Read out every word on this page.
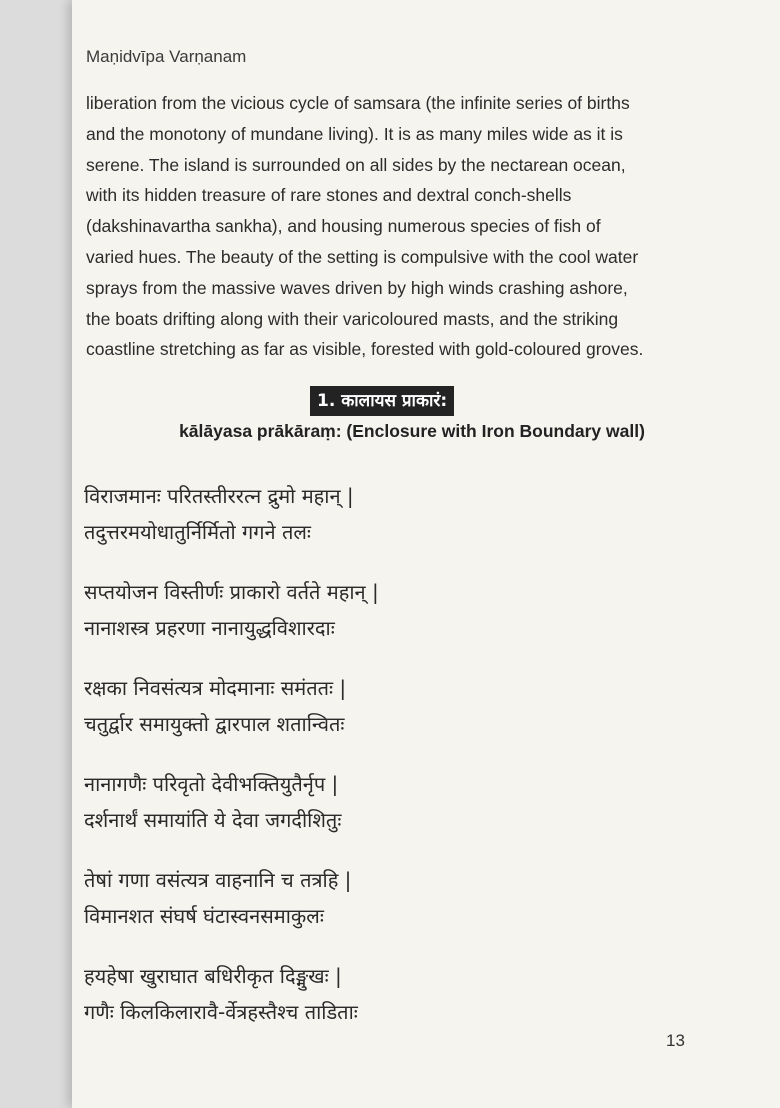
Maṇidvīpa Varṇanam

liberation from the vicious cycle of samsara (the infinite series of births

and the monotony of mundane living). It is as many miles wide as it is

serene. The island is surrounded on all sides by the nectarean ocean,

with its hidden treasure of rare stones and dextral conch-shells

(dakshinavartha sankha), and housing numerous species of fish of

varied hues. The beauty of the setting is compulsive with the cool water

sprays from the massive waves driven by high winds crashing ashore,

the boats drifting along with their varicoloured masts, and the striking

coastline stretching as far as visible, forested with gold-coloured groves.

1. कालायस प्राकारं:
kālāyasa prākāraṃ: (Enclosure with Iron Boundary wall)
विराजमानः परितस्तीररत्न द्रुमो महान् |
तदुत्तरमयोधातुर्निर्मितो गगने तलः
सप्तयोजन विस्तीर्णः प्राकारो वर्तते महान् |
नानाशस्त्र प्रहरणा नानायुद्धविशारदाः
रक्षका निवसंत्यत्र मोदमानाः समंततः |
चतुर्द्वार समायुक्तो द्वारपाल शतान्वितः
नानागणैः परिवृतो देवीभक्तियुतैर्नृप |
दर्शनार्थं समायांति ये देवा जगदीशितुः
तेषां गणा वसंत्यत्र वाहनानि च तत्रहि |
विमानशत संघर्ष घंटास्वनसमाकुलः
हयहेषा खुराघात बधिरीकृत दिङ्मुखः |
गणैः किलकिलारावै-र्वेत्रहस्तैश्च ताडिताः
13
